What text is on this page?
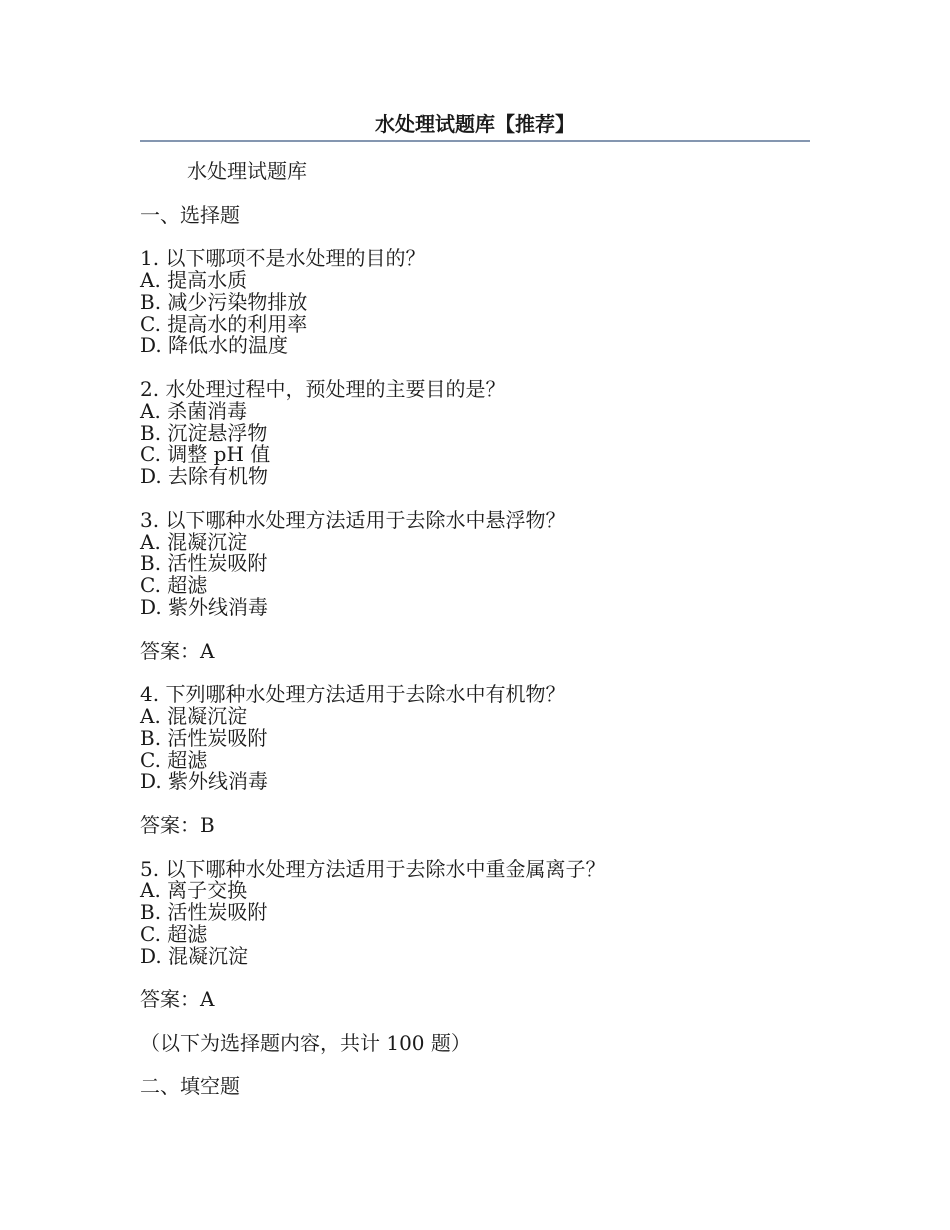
水处理试题库【推荐】

水处理试题库

一、选择题

1. 以下哪项不是水处理的目的？

A. 提高水质

B. 减少污染物排放

C. 提高水的利用率

D. 降低水的温度

2. 水处理过程中，预处理的主要目的是？

A. 杀菌消毒

B. 沉淀悬浮物

C. 调整 pH 值

D. 去除有机物

3. 以下哪种水处理方法适用于去除水中悬浮物？

A. 混凝沉淀

B. 活性炭吸附

C. 超滤

D. 紫外线消毒

答案：A

4. 下列哪种水处理方法适用于去除水中有机物？

A. 混凝沉淀

B. 活性炭吸附

C. 超滤

D. 紫外线消毒

答案：B

5. 以下哪种水处理方法适用于去除水中重金属离子？

A. 离子交换

B. 活性炭吸附

C. 超滤

D. 混凝沉淀

答案：A

（以下为选择题内容，共计 100 题）

二、填空题
